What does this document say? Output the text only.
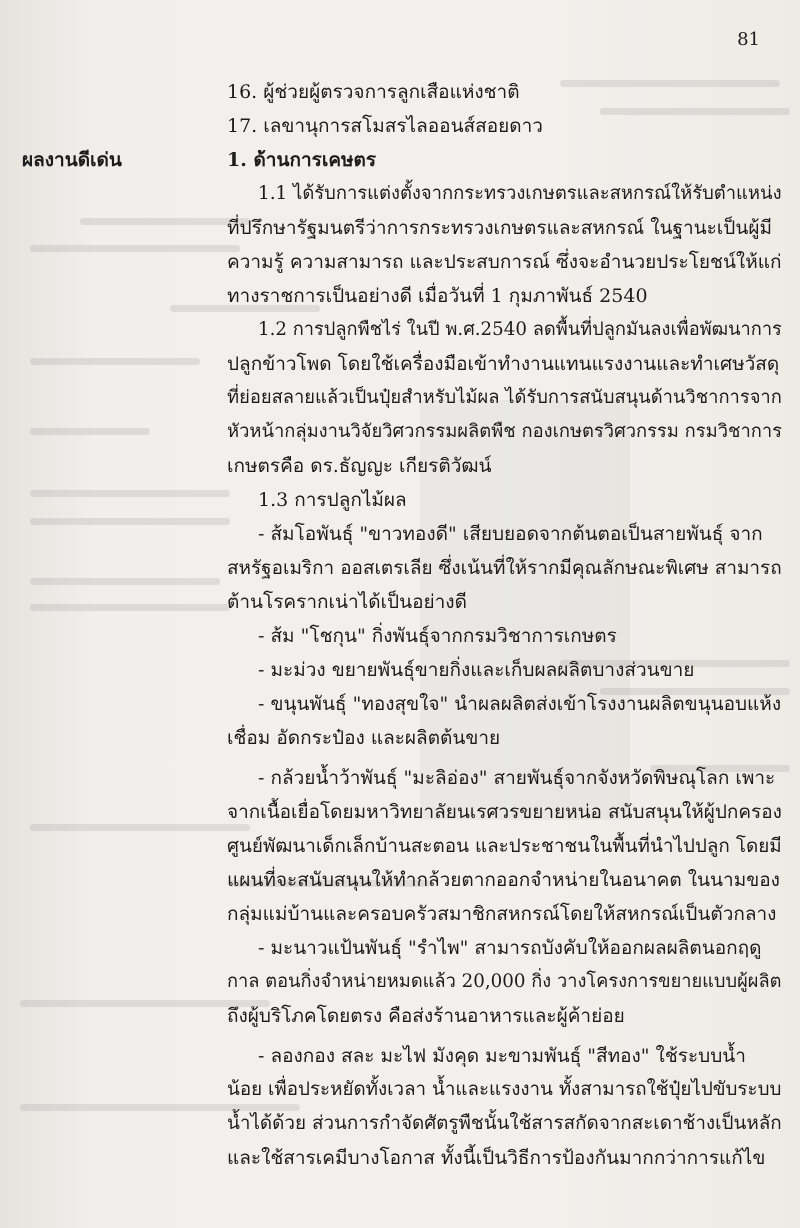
81
16. ผู้ช่วยผู้ตรวจการลูกเสือแห่งชาติ
17. เลขานุการสโมสรไลออนส์สอยดาว
ผลงานดีเด่น	1. ด้านการเคษตร
1.1 ได้รับการแต่งตั้งจากกระทรวงเกษตรและสหกรณ์ให้รับตำแหน่ง
ที่ปรึกษารัฐมนตรีว่าการกระทรวงเกษตรและสหกรณ์ ในฐานะเป็นผู้มี
ความรู้ ความสามารถ และประสบการณ์ ซึ่งจะอำนวยประโยชน์ให้แก่
ทางราชการเป็นอย่างดี เมื่อวันที่ 1 กุมภาพันธ์ 2540
1.2 การปลูกพืชไร่ ในปี พ.ศ.2540 ลดพื้นที่ปลูกมันลงเพื่อพัฒนาการ
ปลูกข้าวโพด โดยใช้เครื่องมือเข้าทำงานแทนแรงงานและทำเศษวัสดุ
ที่ย่อยสลายแล้วเป็นปุ๋ยสำหรับไม้ผล ได้รับการสนับสนุนด้านวิชาการจาก
หัวหน้ากลุ่มงานวิจัยวิศวกรรมผลิตพืช กองเกษตรวิศวกรรม กรมวิชาการ
เกษตรคือ ดร.ธัญญะ เกียรติวัฒน์
1.3 การปลูกไม้ผล
- ส้มโอพันธุ์ "ขาวทองดี" เสียบยอดจากต้นตอเป็นสายพันธุ์ จาก
สหรัฐอเมริกา ออสเตรเลีย ซึ่งเน้นที่ให้รากมีคุณลักษณะพิเศษ สามารถ
ต้านโรครากเน่าได้เป็นอย่างดี
- ส้ม "โชกุน" กิ่งพันธุ์จากกรมวิชาการเกษตร
- มะม่วง ขยายพันธุ์ขายกิ่งและเก็บผลผลิตบางส่วนขาย
- ขนุนพันธุ์ "ทองสุขใจ" นำผลผลิตส่งเข้าโรงงานผลิตขนุนอบแห้ง
เชื่อม อัดกระป๋อง และผลิตต้นขาย
- กล้วยน้ำว้าพันธุ์ "มะลิอ่อง" สายพันธุ์จากจังหวัดพิษณุโลก เพาะ
จากเนื้อเยื่อโดยมหาวิทยาลัยนเรศวรขยายหน่อ สนับสนุนให้ผู้ปกครอง
ศูนย์พัฒนาเด็กเล็กบ้านสะตอน และประชาชนในพื้นที่นำไปปลูก โดยมี
แผนที่จะสนับสนุนให้ทำกล้วยตากออกจำหน่ายในอนาคต ในนามของ
กลุ่มแม่บ้านและครอบครัวสมาชิกสหกรณ์โดยให้สหกรณ์เป็นตัวกลาง
- มะนาวแป้นพันธุ์ "รำไพ" สามารถบังคับให้ออกผลผลิตนอกฤดู
กาล ตอนกิ่งจำหน่ายหมดแล้ว 20,000 กิ่ง วางโครงการขยายแบบผู้ผลิต
ถึงผู้บริโภคโดยตรง คือส่งร้านอาหารและผู้ค้าย่อย
- ลองกอง สละ มะไฟ มังคุด มะขามพันธุ์ "สีทอง" ใช้ระบบน้ำ
น้อย เพื่อประหยัดทั้งเวลา น้ำและแรงงาน ทั้งสามารถใช้ปุ๋ยไปขับระบบ
น้ำได้ด้วย ส่วนการกำจัดศัตรูพืชนั้นใช้สารสกัดจากสะเดาช้างเป็นหลัก
และใช้สารเคมีบางโอกาส ทั้งนี้เป็นวิธีการป้องกันมากกว่าการแก้ไข
